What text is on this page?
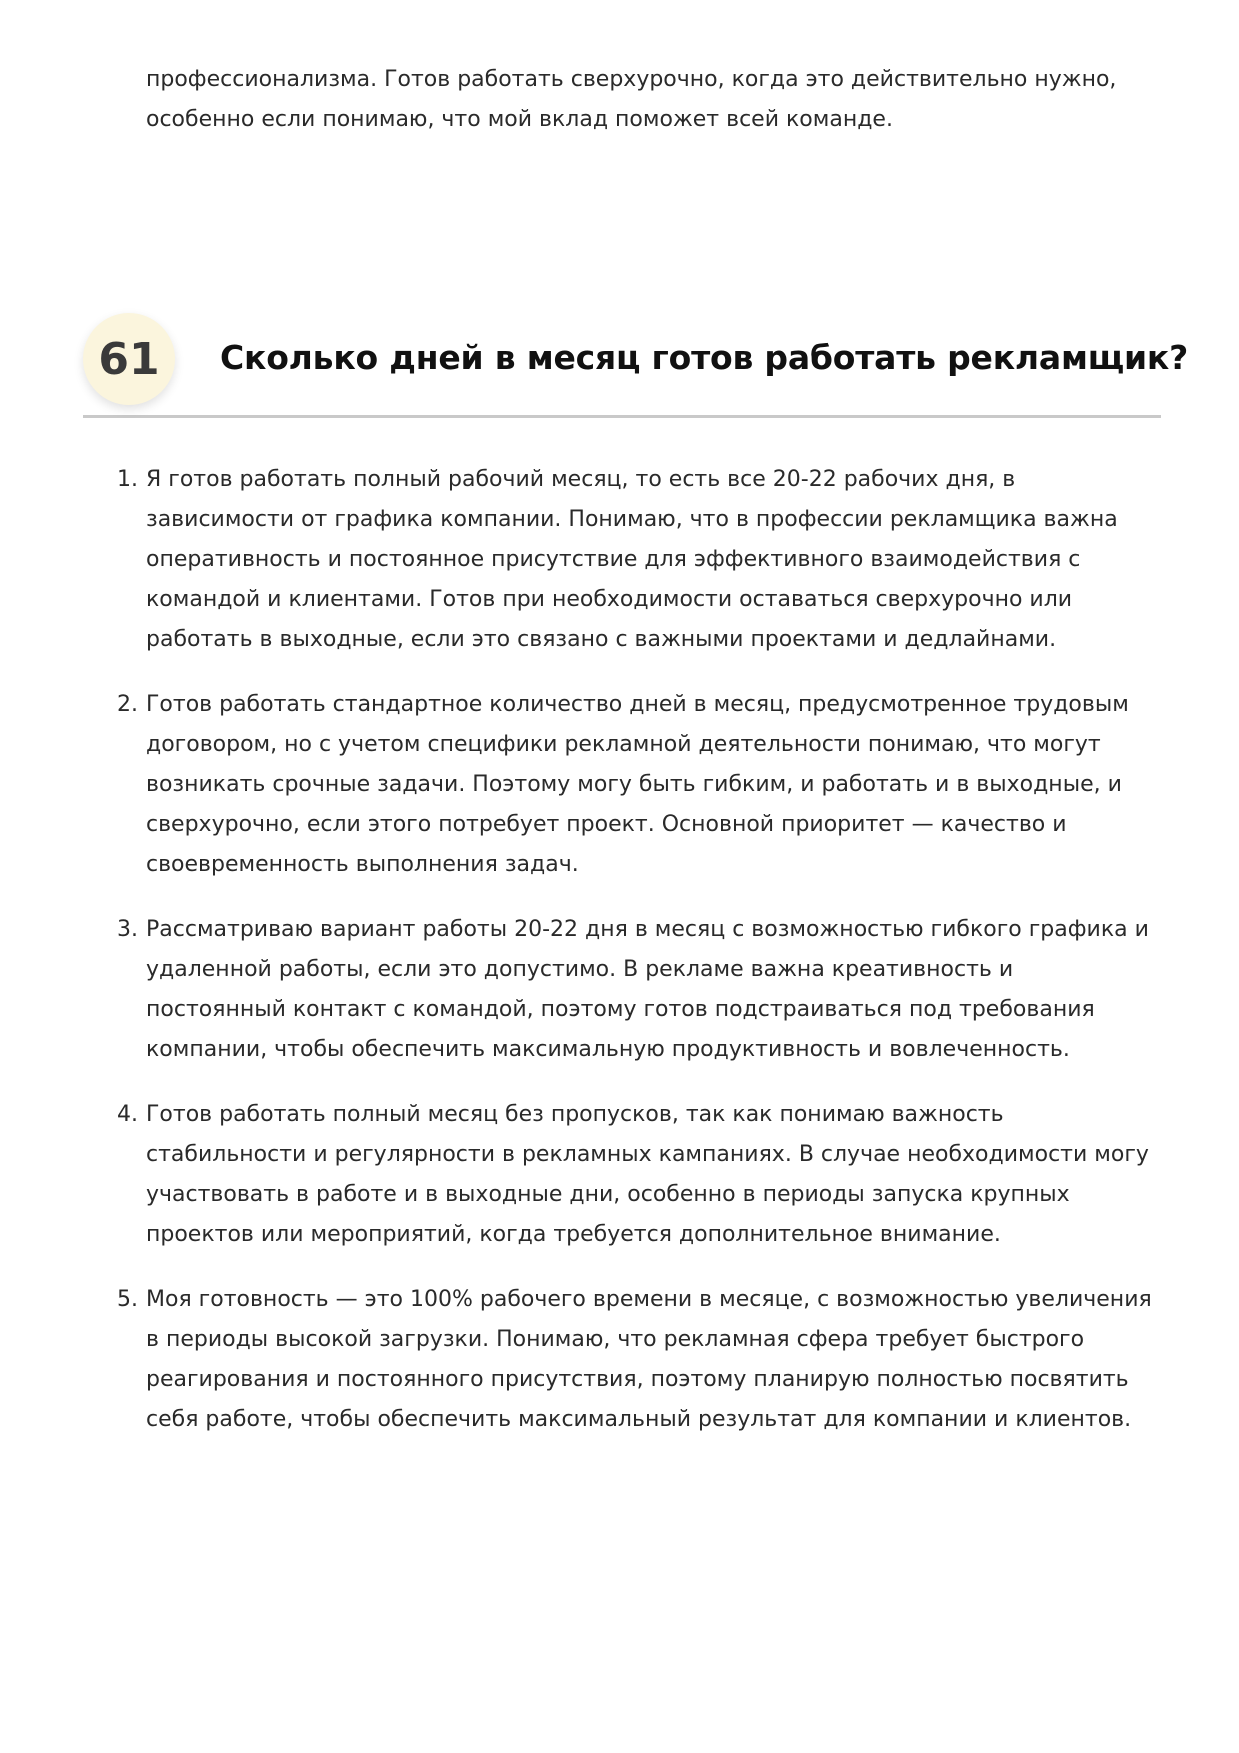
профессионализма. Готов работать сверхурочно, когда это действительно нужно, особенно если понимаю, что мой вклад поможет всей команде.

61	Сколько дней в месяц готов работать рекламщик?
1. Я готов работать полный рабочий месяц, то есть все 20-22 рабочих дня, в зависимости от графика компании. Понимаю, что в профессии рекламщика важна оперативность и постоянное присутствие для эффективного взаимодействия с командой и клиентами. Готов при необходимости оставаться сверхурочно или работать в выходные, если это связано с важными проектами и дедлайнами.
2. Готов работать стандартное количество дней в месяц, предусмотренное трудовым договором, но с учетом специфики рекламной деятельности понимаю, что могут возникать срочные задачи. Поэтому могу быть гибким, и работать и в выходные, и сверхурочно, если этого потребует проект. Основной приоритет — качество и своевременность выполнения задач.
3. Рассматриваю вариант работы 20-22 дня в месяц с возможностью гибкого графика и удаленной работы, если это допустимо. В рекламе важна креативность и постоянный контакт с командой, поэтому готов подстраиваться под требования компании, чтобы обеспечить максимальную продуктивность и вовлеченность.
4. Готов работать полный месяц без пропусков, так как понимаю важность стабильности и регулярности в рекламных кампаниях. В случае необходимости могу участвовать в работе и в выходные дни, особенно в периоды запуска крупных проектов или мероприятий, когда требуется дополнительное внимание.
5. Моя готовность — это 100% рабочего времени в месяце, с возможностью увеличения в периоды высокой загрузки. Понимаю, что рекламная сфера требует быстрого реагирования и постоянного присутствия, поэтому планирую полностью посвятить себя работе, чтобы обеспечить максимальный результат для компании и клиентов.
